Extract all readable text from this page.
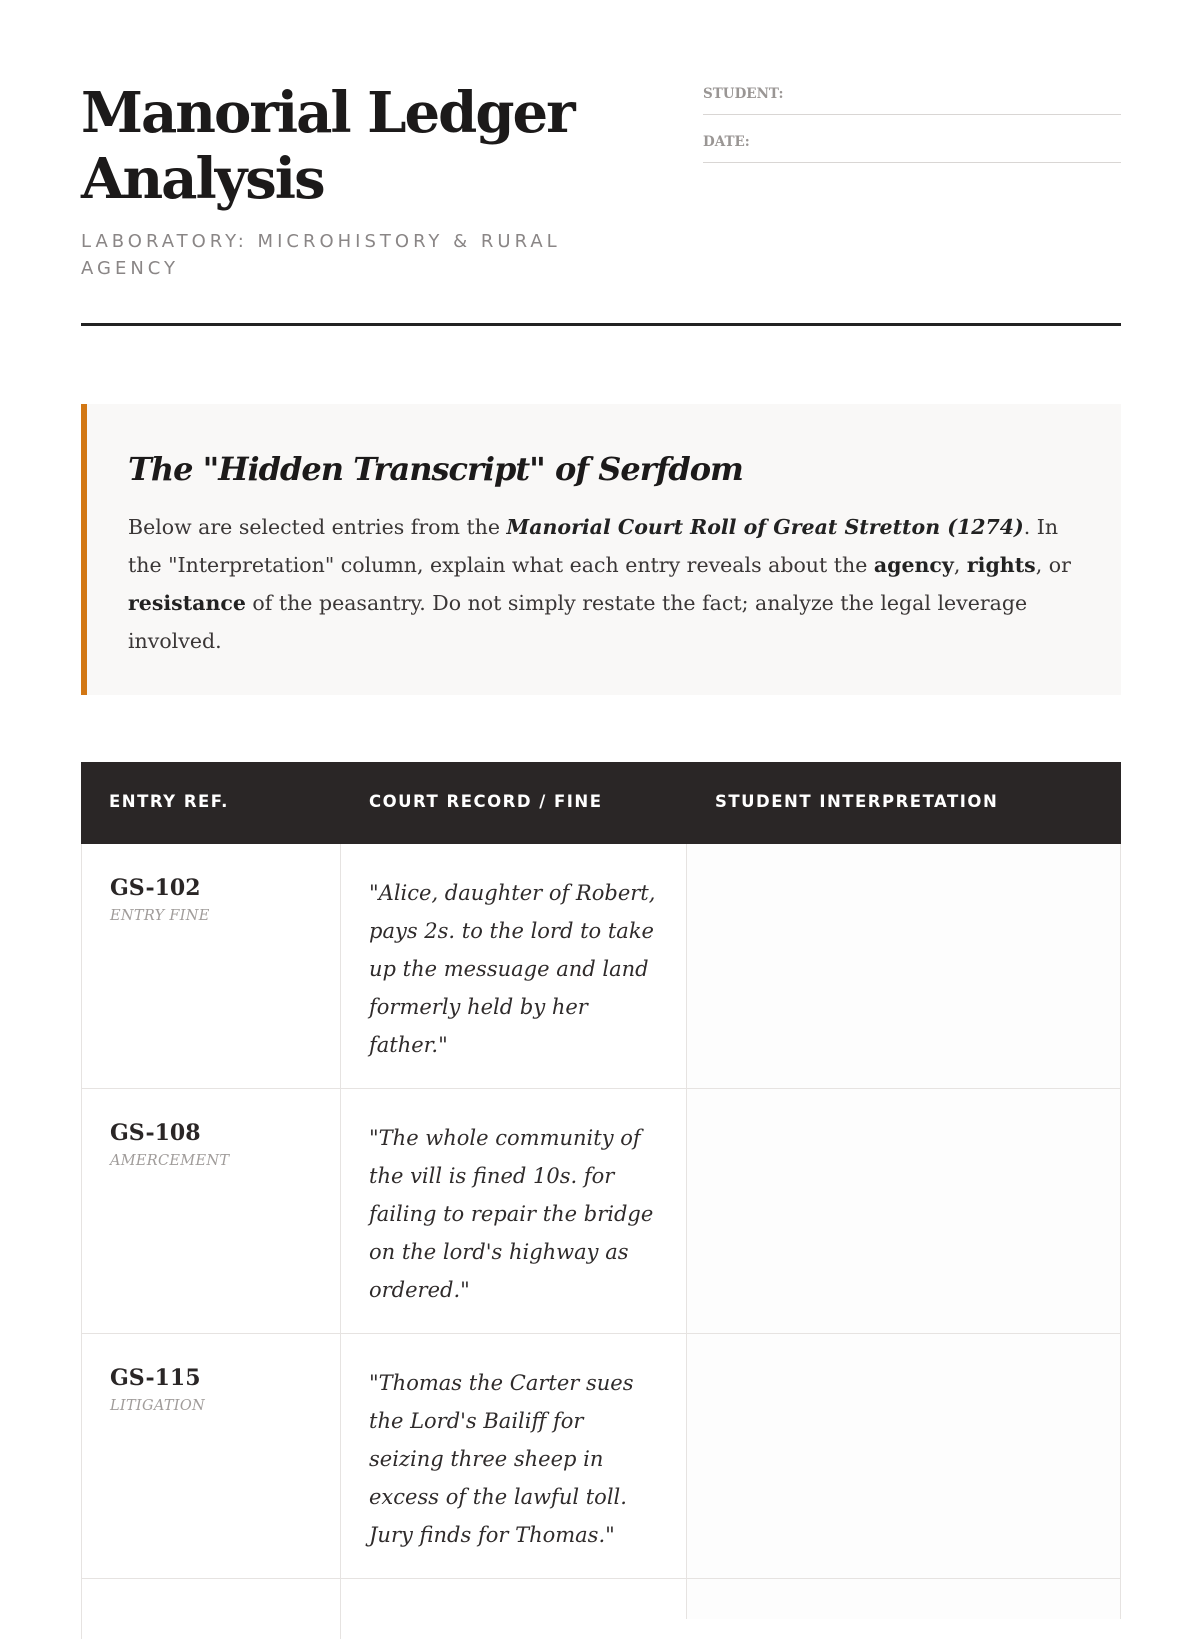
Manorial Ledger Analysis
LABORATORY: MICROHISTORY & RURAL AGENCY
STUDENT:
DATE:
The "Hidden Transcript" of Serfdom

Below are selected entries from the Manorial Court Roll of Great Stretton (1274). In the "Interpretation" column, explain what each entry reveals about the agency, rights, or resistance of the peasantry. Do not simply restate the fact; analyze the legal leverage involved.

ENTRY REF.	COURT RECORD / FINE	STUDENT INTERPRETATION
GS-102
ENTRY FINE

"Alice, daughter of Robert, pays 2s. to the lord to take up the messuage and land formerly held by her father."

GS-108
AMERCEMENT

"The whole community of the vill is fined 10s. for failing to repair the bridge on the lord's highway as ordered."

GS-115
LITIGATION

"Thomas the Carter sues the Lord's Bailiff for seizing three sheep in excess of the lawful toll. Jury finds for Thomas."
